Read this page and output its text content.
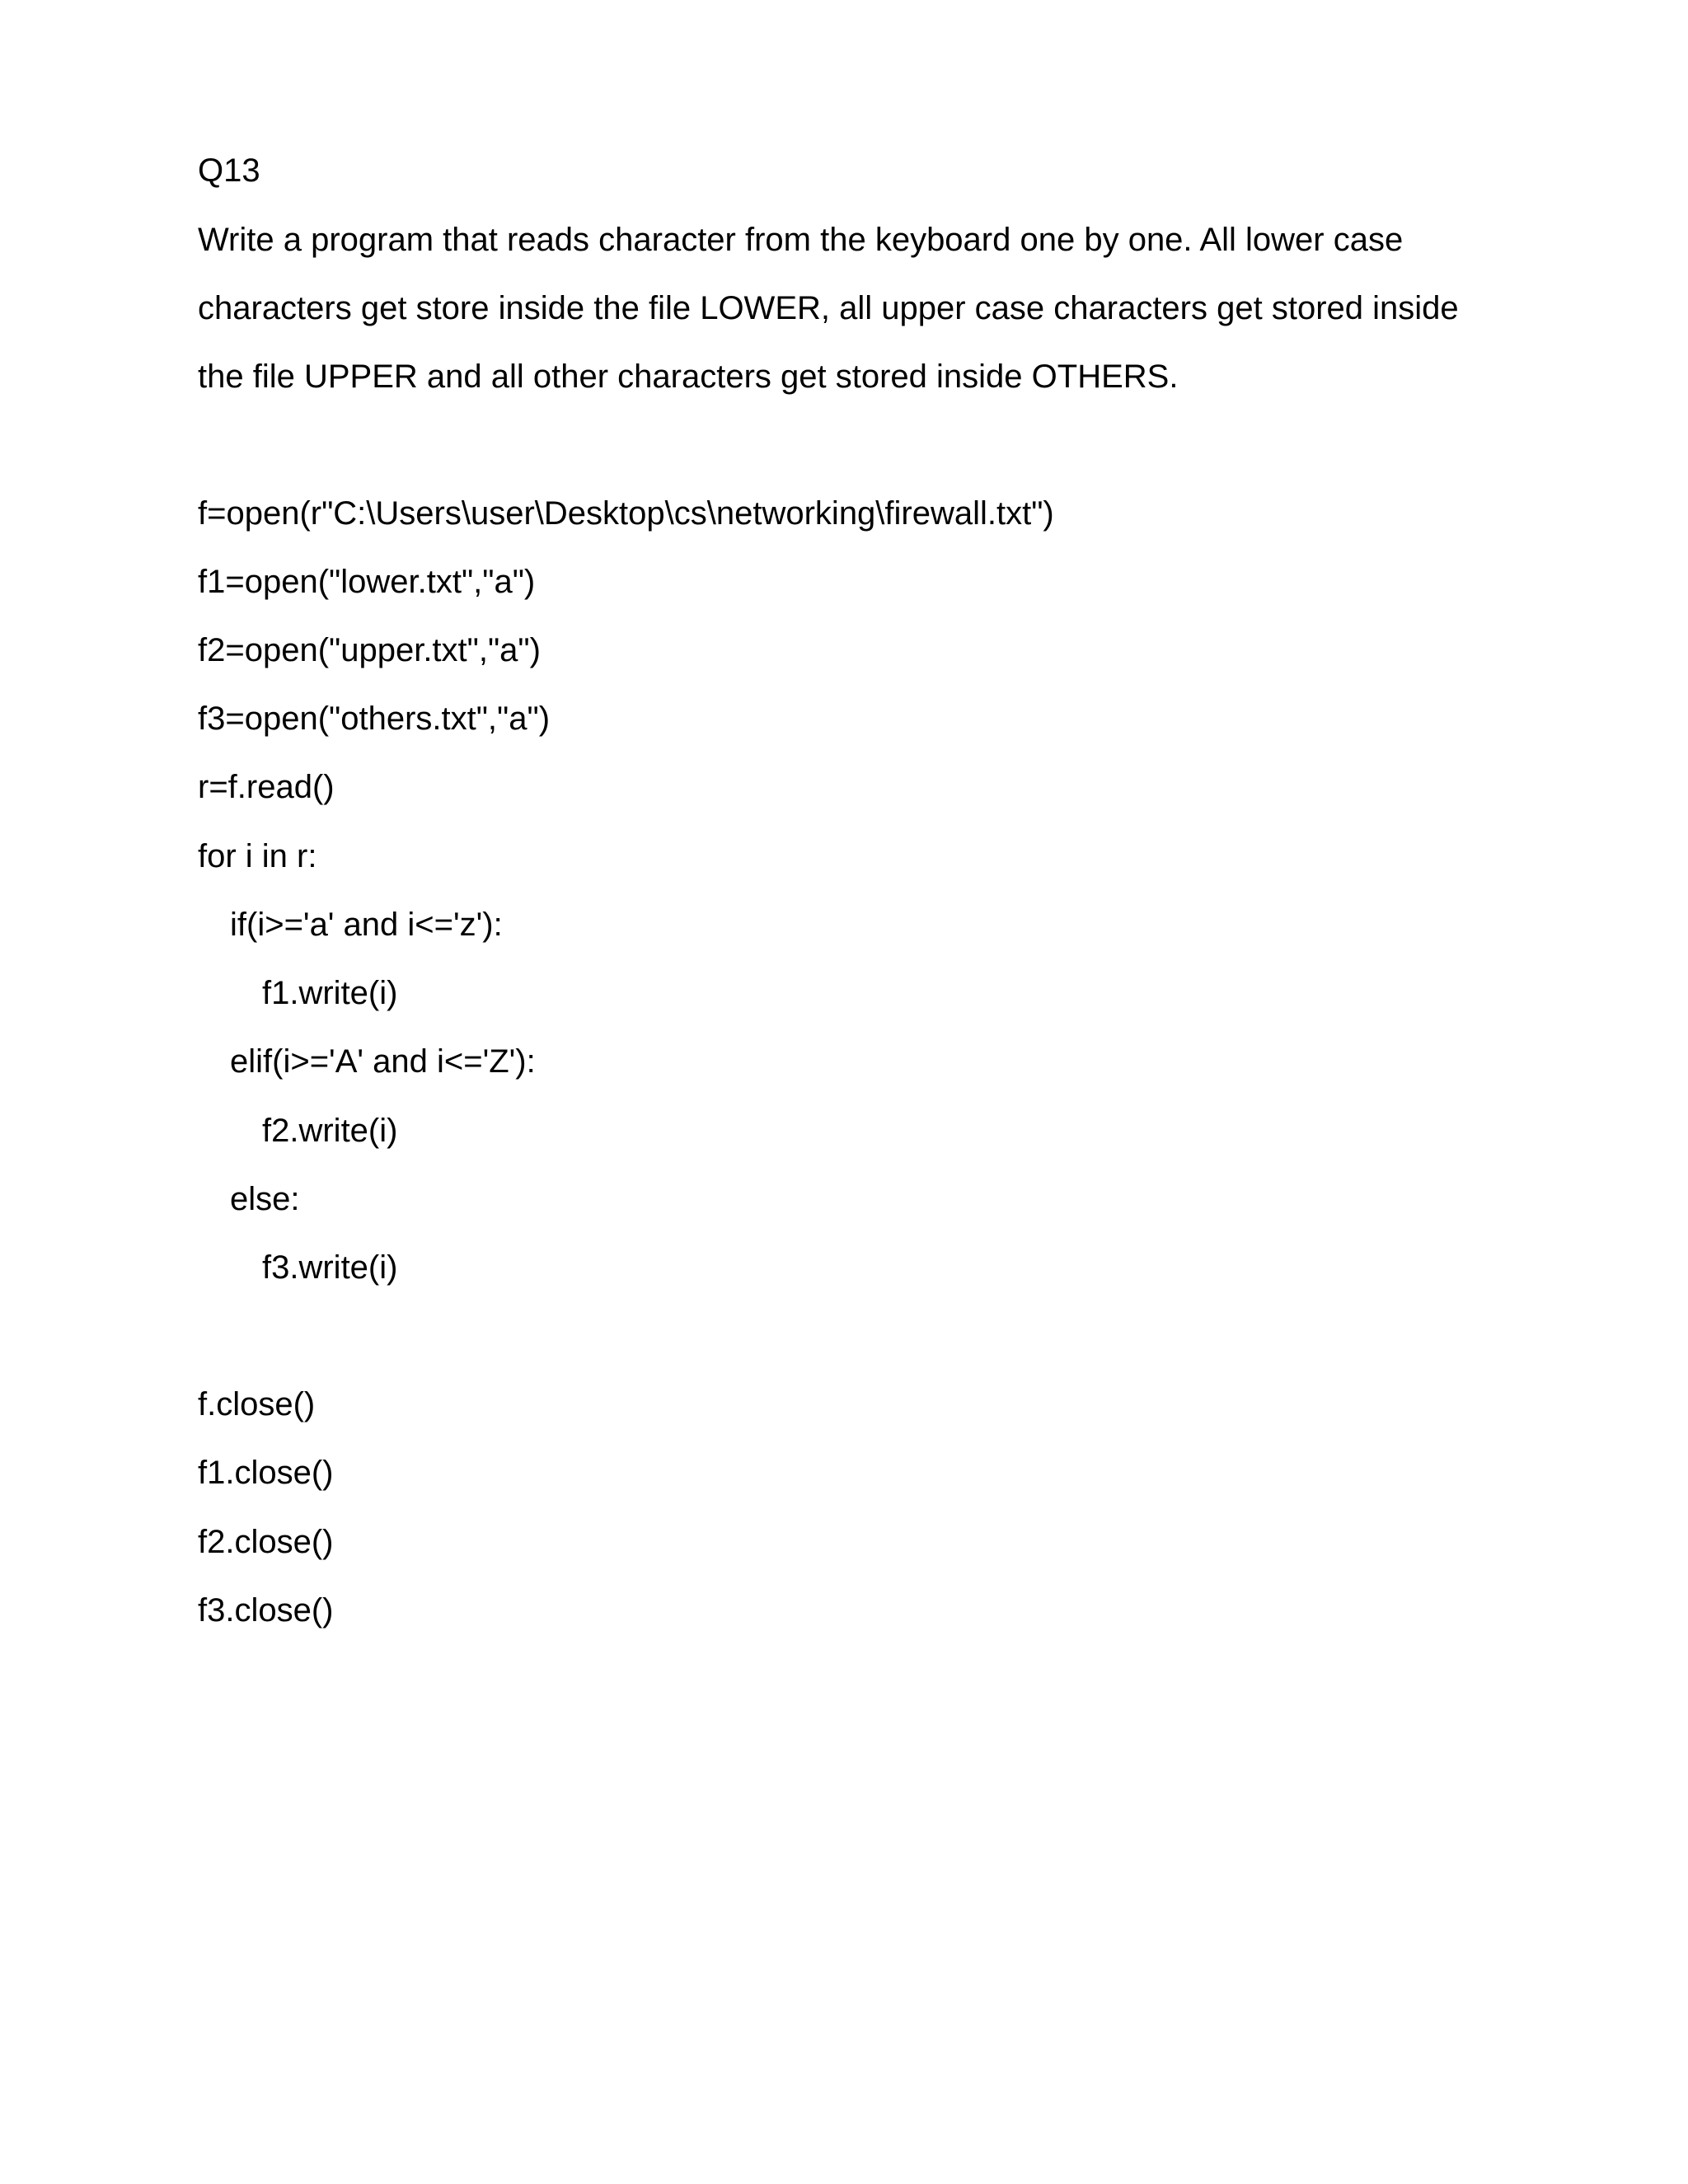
Q13

Write a program that reads character from the keyboard one by one. All lower case

characters get store inside the file LOWER, all upper case characters get stored inside

the file UPPER and all other characters get stored inside OTHERS.

f=open(r"C:\Users\user\Desktop\cs\networking\firewall.txt")

f1=open("lower.txt","a")

f2=open("upper.txt","a")

f3=open("others.txt","a")

r=f.read()

for i in r:

if(i>='a' and i<='z'):

f1.write(i)

elif(i>='A' and i<='Z'):

f2.write(i)

else:

f3.write(i)

f.close()

f1.close()

f2.close()

f3.close()
